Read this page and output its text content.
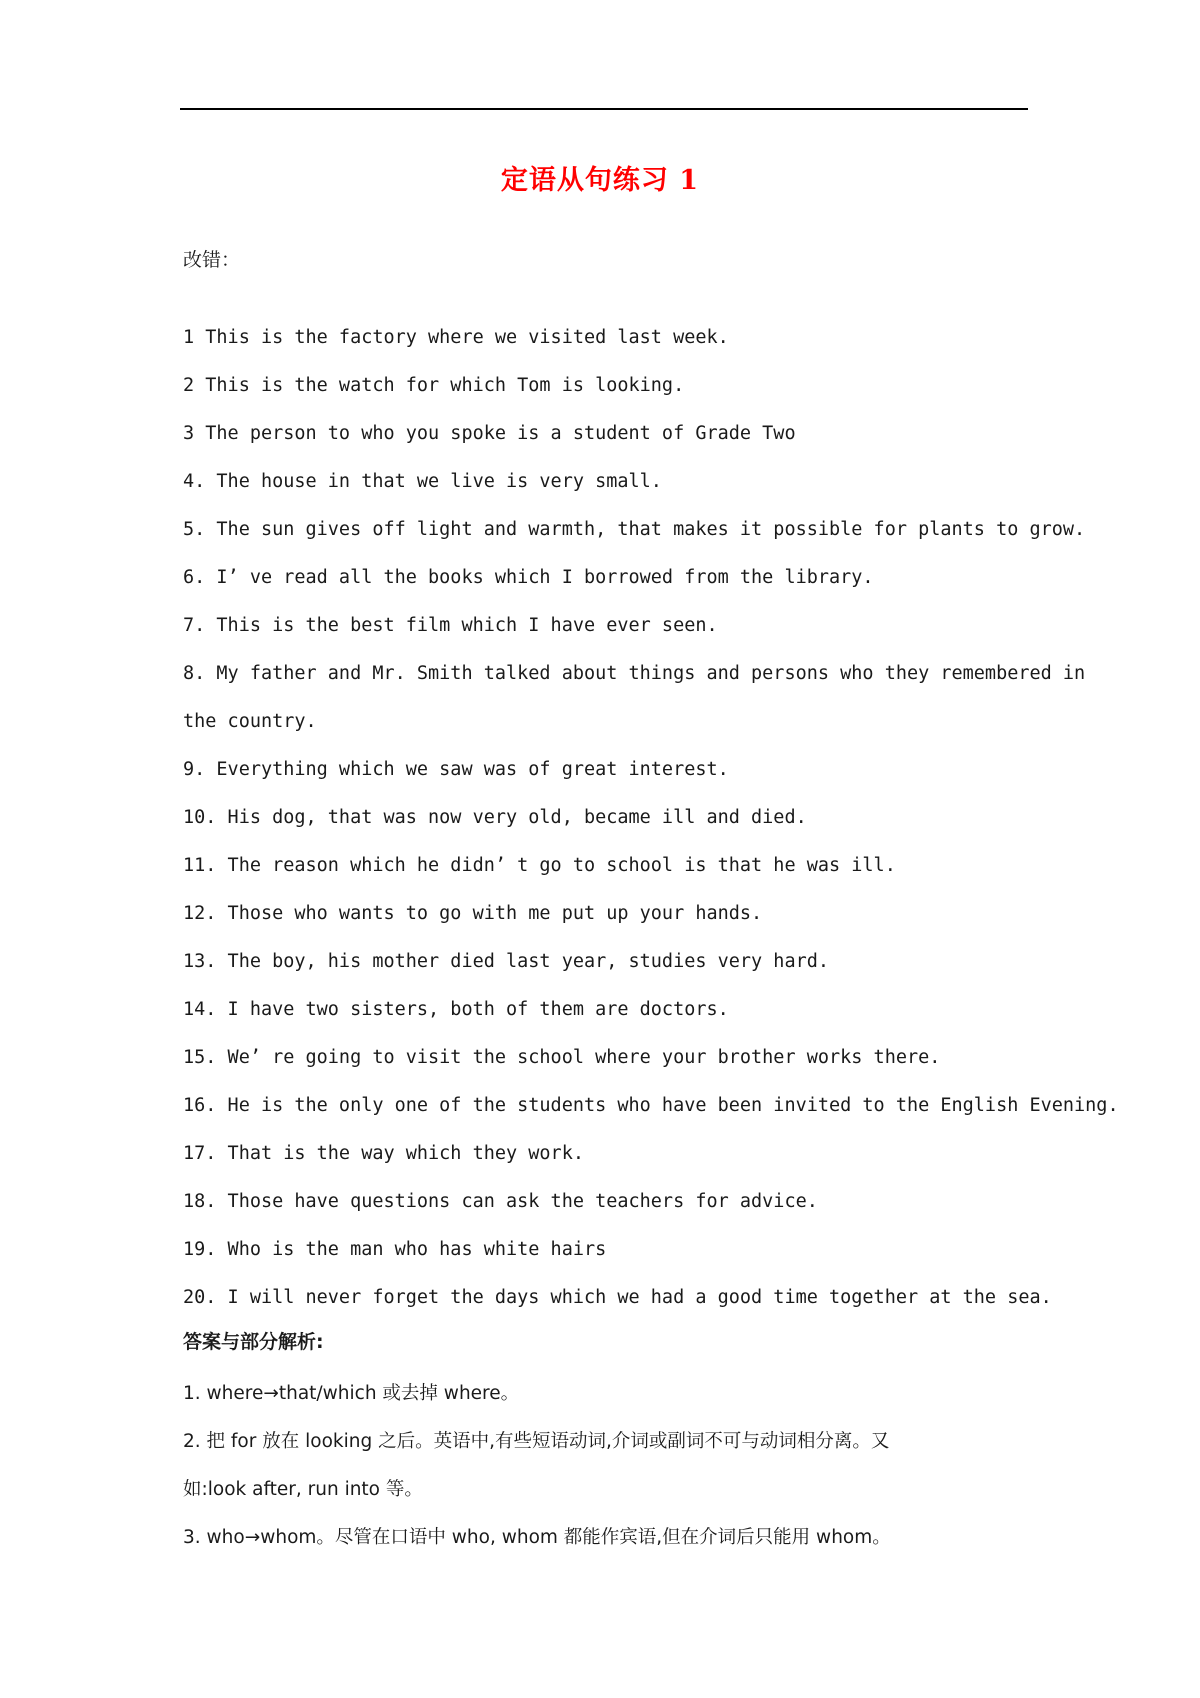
定语从句练习 1
改错：
1 This is the factory where we visited last week.
2 This is the watch for which Tom is looking.
3 The person to who you spoke is a student of Grade Two
4. The house in that we live is very small.
5. The sun gives off light and warmth, that makes it possible for plants to grow.
6. I’ ve read all the books which I borrowed from the library.
7. This is the best film which I have ever seen.
8. My father and Mr. Smith talked about things and persons who they remembered in
the country.
9. Everything which we saw was of great interest.
10. His dog, that was now very old, became ill and died.
11. The reason which he didn’ t go to school is that he was ill.
12. Those who wants to go with me put up your hands.
13. The boy, his mother died last year, studies very hard.
14. I have two sisters, both of them are doctors.
15. We’ re going to visit the school where your brother works there.
16. He is the only one of the students who have been invited to the English Evening.
17. That is the way which they work.
18. Those have questions can ask the teachers for advice.
19. Who is the man who has white hairs
20. I will never forget the days which we had a good time together at the sea.
答案与部分解析:
1. where→that/which 或去掉 where。
2. 把 for 放在 looking 之后。英语中,有些短语动词,介词或副词不可与动词相分离。又
如:look after, run into 等。
3. who→whom。尽管在口语中 who, whom 都能作宾语,但在介词后只能用 whom。
